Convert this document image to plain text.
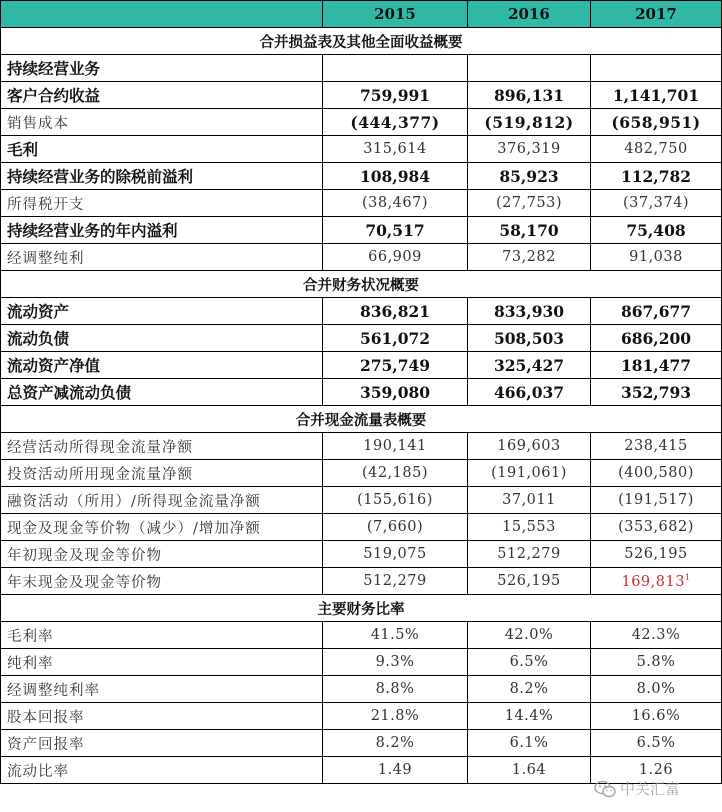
	2015	2016	2017
合并损益表及其他全面收益概要			
持续经营业务			
客户合约收益	759,991	896,131	1,141,701
销售成本	(444,377)	(519,812)	(658,951)
毛利	315,614	376,319	482,750
持续经营业务的除税前溢利	108,984	85,923	112,782
所得税开支	(38,467)	(27,753)	(37,374)
持续经营业务的年内溢利	70,517	58,170	75,408
经调整纯利	66,909	73,282	91,038
合并财务状况概要			
流动资产	836,821	833,930	867,677
流动负债	561,072	508,503	686,200
流动资产净值	275,749	325,427	181,477
总资产减流动负债	359,080	466,037	352,793
合并现金流量表概要			
经营活动所得现金流量净额	190,141	169,603	238,415
投资活动所用现金流量净额	(42,185)	(191,061)	(400,580)
融资活动（所用）/所得现金流量净额	(155,616)	37,011	(191,517)
现金及现金等价物（减少）/增加净额	(7,660)	15,553	(353,682)
年初现金及现金等价物	519,075	512,279	526,195
年末现金及现金等价物	512,279	526,195	169,813$^1$
主要财务比率			
毛利率	41.5%	42.0%	42.3%
纯利率	9.3%	6.5%	5.8%
经调整纯利率	8.8%	8.2%	8.0%
股本回报率	21.8%	14.4%	16.6%
资产回报率	8.2%	6.1%	6.5%
流动比率	1.49	1.64	1.26
中关汇富
